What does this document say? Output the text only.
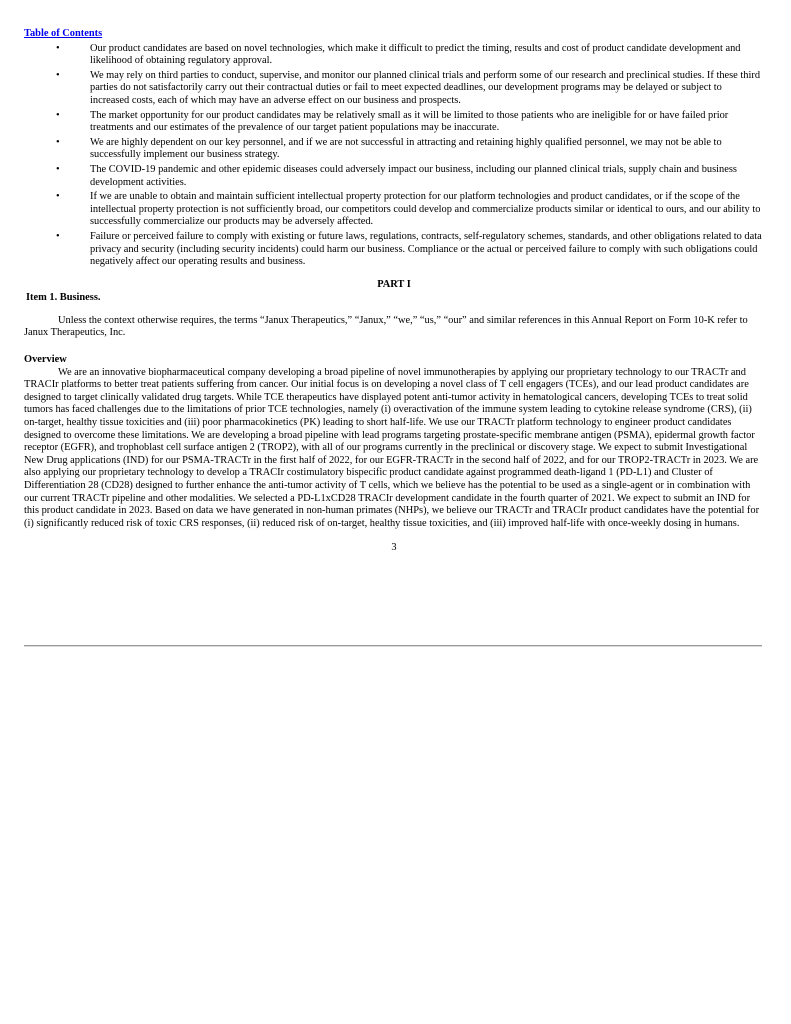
Table of Contents
•	Our product candidates are based on novel technologies, which make it difficult to predict the timing, results and cost of product candidate development and likelihood of obtaining regulatory approval.
•	We may rely on third parties to conduct, supervise, and monitor our planned clinical trials and perform some of our research and preclinical studies. If these third parties do not satisfactorily carry out their contractual duties or fail to meet expected deadlines, our development programs may be delayed or subject to increased costs, each of which may have an adverse effect on our business and prospects.
•	The market opportunity for our product candidates may be relatively small as it will be limited to those patients who are ineligible for or have failed prior treatments and our estimates of the prevalence of our target patient populations may be inaccurate.
•	We are highly dependent on our key personnel, and if we are not successful in attracting and retaining highly qualified personnel, we may not be able to successfully implement our business strategy.
•	The COVID-19 pandemic and other epidemic diseases could adversely impact our business, including our planned clinical trials, supply chain and business development activities.
•	If we are unable to obtain and maintain sufficient intellectual property protection for our platform technologies and product candidates, or if the scope of the intellectual property protection is not sufficiently broad, our competitors could develop and commercialize products similar or identical to ours, and our ability to successfully commercialize our products may be adversely affected.
•	Failure or perceived failure to comply with existing or future laws, regulations, contracts, self-regulatory schemes, standards, and other obligations related to data privacy and security (including security incidents) could harm our business. Compliance or the actual or perceived failure to comply with such obligations could negatively affect our operating results and business.
PART I
Item 1. Business.

Unless the context otherwise requires, the terms “Janux Therapeutics,” “Janux,” “we,” “us,” “our” and similar references in this Annual Report on Form 10-K refer to Janux Therapeutics, Inc.

Overview

We are an innovative biopharmaceutical company developing a broad pipeline of novel immunotherapies by applying our proprietary technology to our TRACTr and TRACIr platforms to better treat patients suffering from cancer. Our initial focus is on developing a novel class of T cell engagers (TCEs), and our lead product candidates are designed to target clinically validated drug targets. While TCE therapeutics have displayed potent anti-tumor activity in hematological cancers, developing TCEs to treat solid tumors has faced challenges due to the limitations of prior TCE technologies, namely (i) overactivation of the immune system leading to cytokine release syndrome (CRS), (ii) on-target, healthy tissue toxicities and (iii) poor pharmacokinetics (PK) leading to short half-life. We use our TRACTr platform technology to engineer product candidates designed to overcome these limitations. We are developing a broad pipeline with lead programs targeting prostate-specific membrane antigen (PSMA), epidermal growth factor receptor (EGFR), and trophoblast cell surface antigen 2 (TROP2), with all of our programs currently in the preclinical or discovery stage. We expect to submit Investigational New Drug applications (IND) for our PSMA-TRACTr in the first half of 2022, for our EGFR-TRACTr in the second half of 2022, and for our TROP2-TRACTr in 2023. We are also applying our proprietary technology to develop a TRACIr costimulatory bispecific product candidate against programmed death-ligand 1 (PD-L1) and Cluster of Differentiation 28 (CD28) designed to further enhance the anti-tumor activity of T cells, which we believe has the potential to be used as a single-agent or in combination with our current TRACTr pipeline and other modalities. We selected a PD-L1xCD28 TRACIr development candidate in the fourth quarter of 2021. We expect to submit an IND for this product candidate in 2023. Based on data we have generated in non-human primates (NHPs), we believe our TRACTr and TRACIr product candidates have the potential for (i) significantly reduced risk of toxic CRS responses, (ii) reduced risk of on-target, healthy tissue toxicities, and (iii) improved half-life with once-weekly dosing in humans.

3
